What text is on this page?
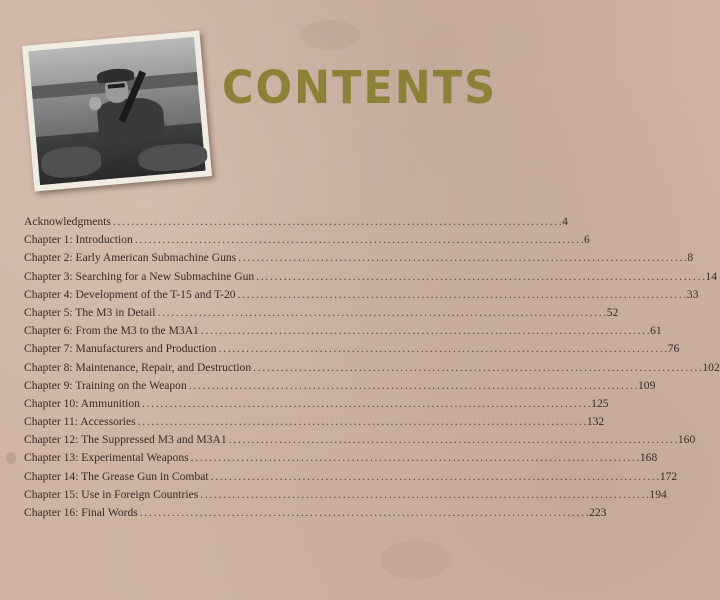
CONTENTS
Acknowledgments . . .	4
Chapter 1: Introduction . . .	6
Chapter 2: Early American Submachine Guns . . .	8
Chapter 3: Searching for a New Submachine Gun . . .	14
Chapter 4: Development of the T-15 and T-20 . . .	33
Chapter 5: The M3 in Detail . . .	52
Chapter 6: From the M3 to the M3A1 . . .	61
Chapter 7: Manufacturers and Production . . .	76
Chapter 8: Maintenance, Repair, and Destruction . . .	102
Chapter 9: Training on the Weapon . . .	109
Chapter 10: Ammunition . . .	125
Chapter 11: Accessories . . .	132
Chapter 12: The Suppressed M3 and M3A1 . . .	160
Chapter 13: Experimental Weapons . . .	168
Chapter 14: The Grease Gun in Combat . . .	172
Chapter 15: Use in Foreign Countries . . .	194
Chapter 16: Final Words . . .	223
